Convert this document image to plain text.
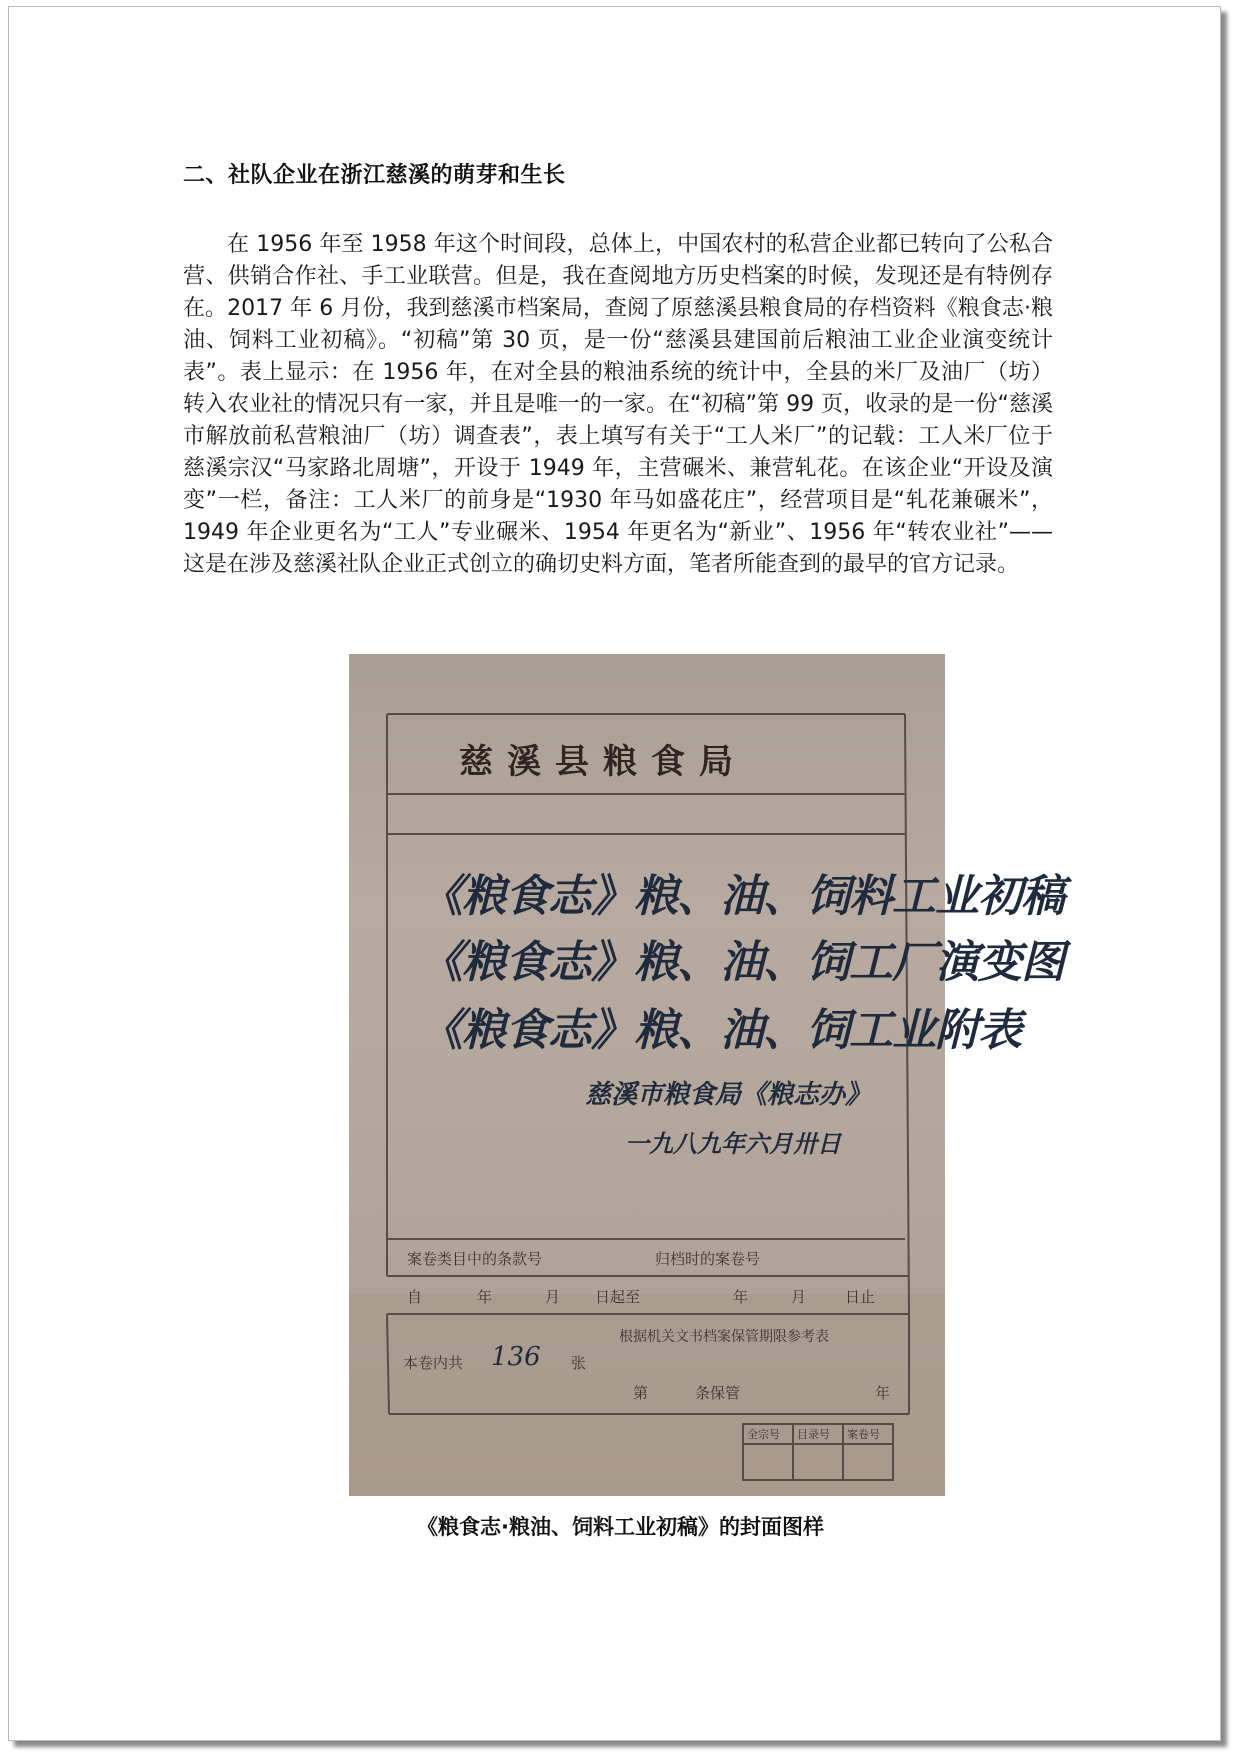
二、社队企业在浙江慈溪的萌芽和生长

在 1956 年至 1958 年这个时间段，总体上，中国农村的私营企业都已转向了公私合营、供销合作社、手工业联营。但是，我在查阅地方历史档案的时候，发现还是有特例存在。2017 年 6 月份，我到慈溪市档案局，查阅了原慈溪县粮食局的存档资料《粮食志·粮油、饲料工业初稿》。“初稿”第 30 页，是一份“慈溪县建国前后粮油工业企业演变统计表”。表上显示：在 1956 年，在对全县的粮油系统的统计中，全县的米厂及油厂（坊）转入农业社的情况只有一家，并且是唯一的一家。在“初稿”第 99 页，收录的是一份“慈溪市解放前私营粮油厂（坊）调查表”，表上填写有关于“工人米厂”的记载：工人米厂位于慈溪宗汉“马家路北周塘”，开设于 1949 年，主营碾米、兼营轧花。在该企业“开设及演变”一栏，备注：工人米厂的前身是“1930 年马如盛花庄”，经营项目是“轧花兼碾米”，1949 年企业更名为“工人”专业碾米、1954 年更名为“新业”、1956 年“转农业社”——这是在涉及慈溪社队企业正式创立的确切史料方面，笔者所能查到的最早的官方记录。

慈溪县粮食局
《粮食志》粮、油、饲料工业初稿
《粮食志》粮、油、饲工厂演变图
《粮食志》粮、油、饲工业附表
慈溪市粮食局《粮志办》
一九八九年六月卅日
案卷类目中的条款号	归档时的案卷号
自	年	月 日起至	年	月	日止
根据机关文书档案保管期限参考表
本卷内共 136 张
第	条保管	年
全宗号 目录号 案卷号
《粮食志·粮油、饲料工业初稿》的封面图样
